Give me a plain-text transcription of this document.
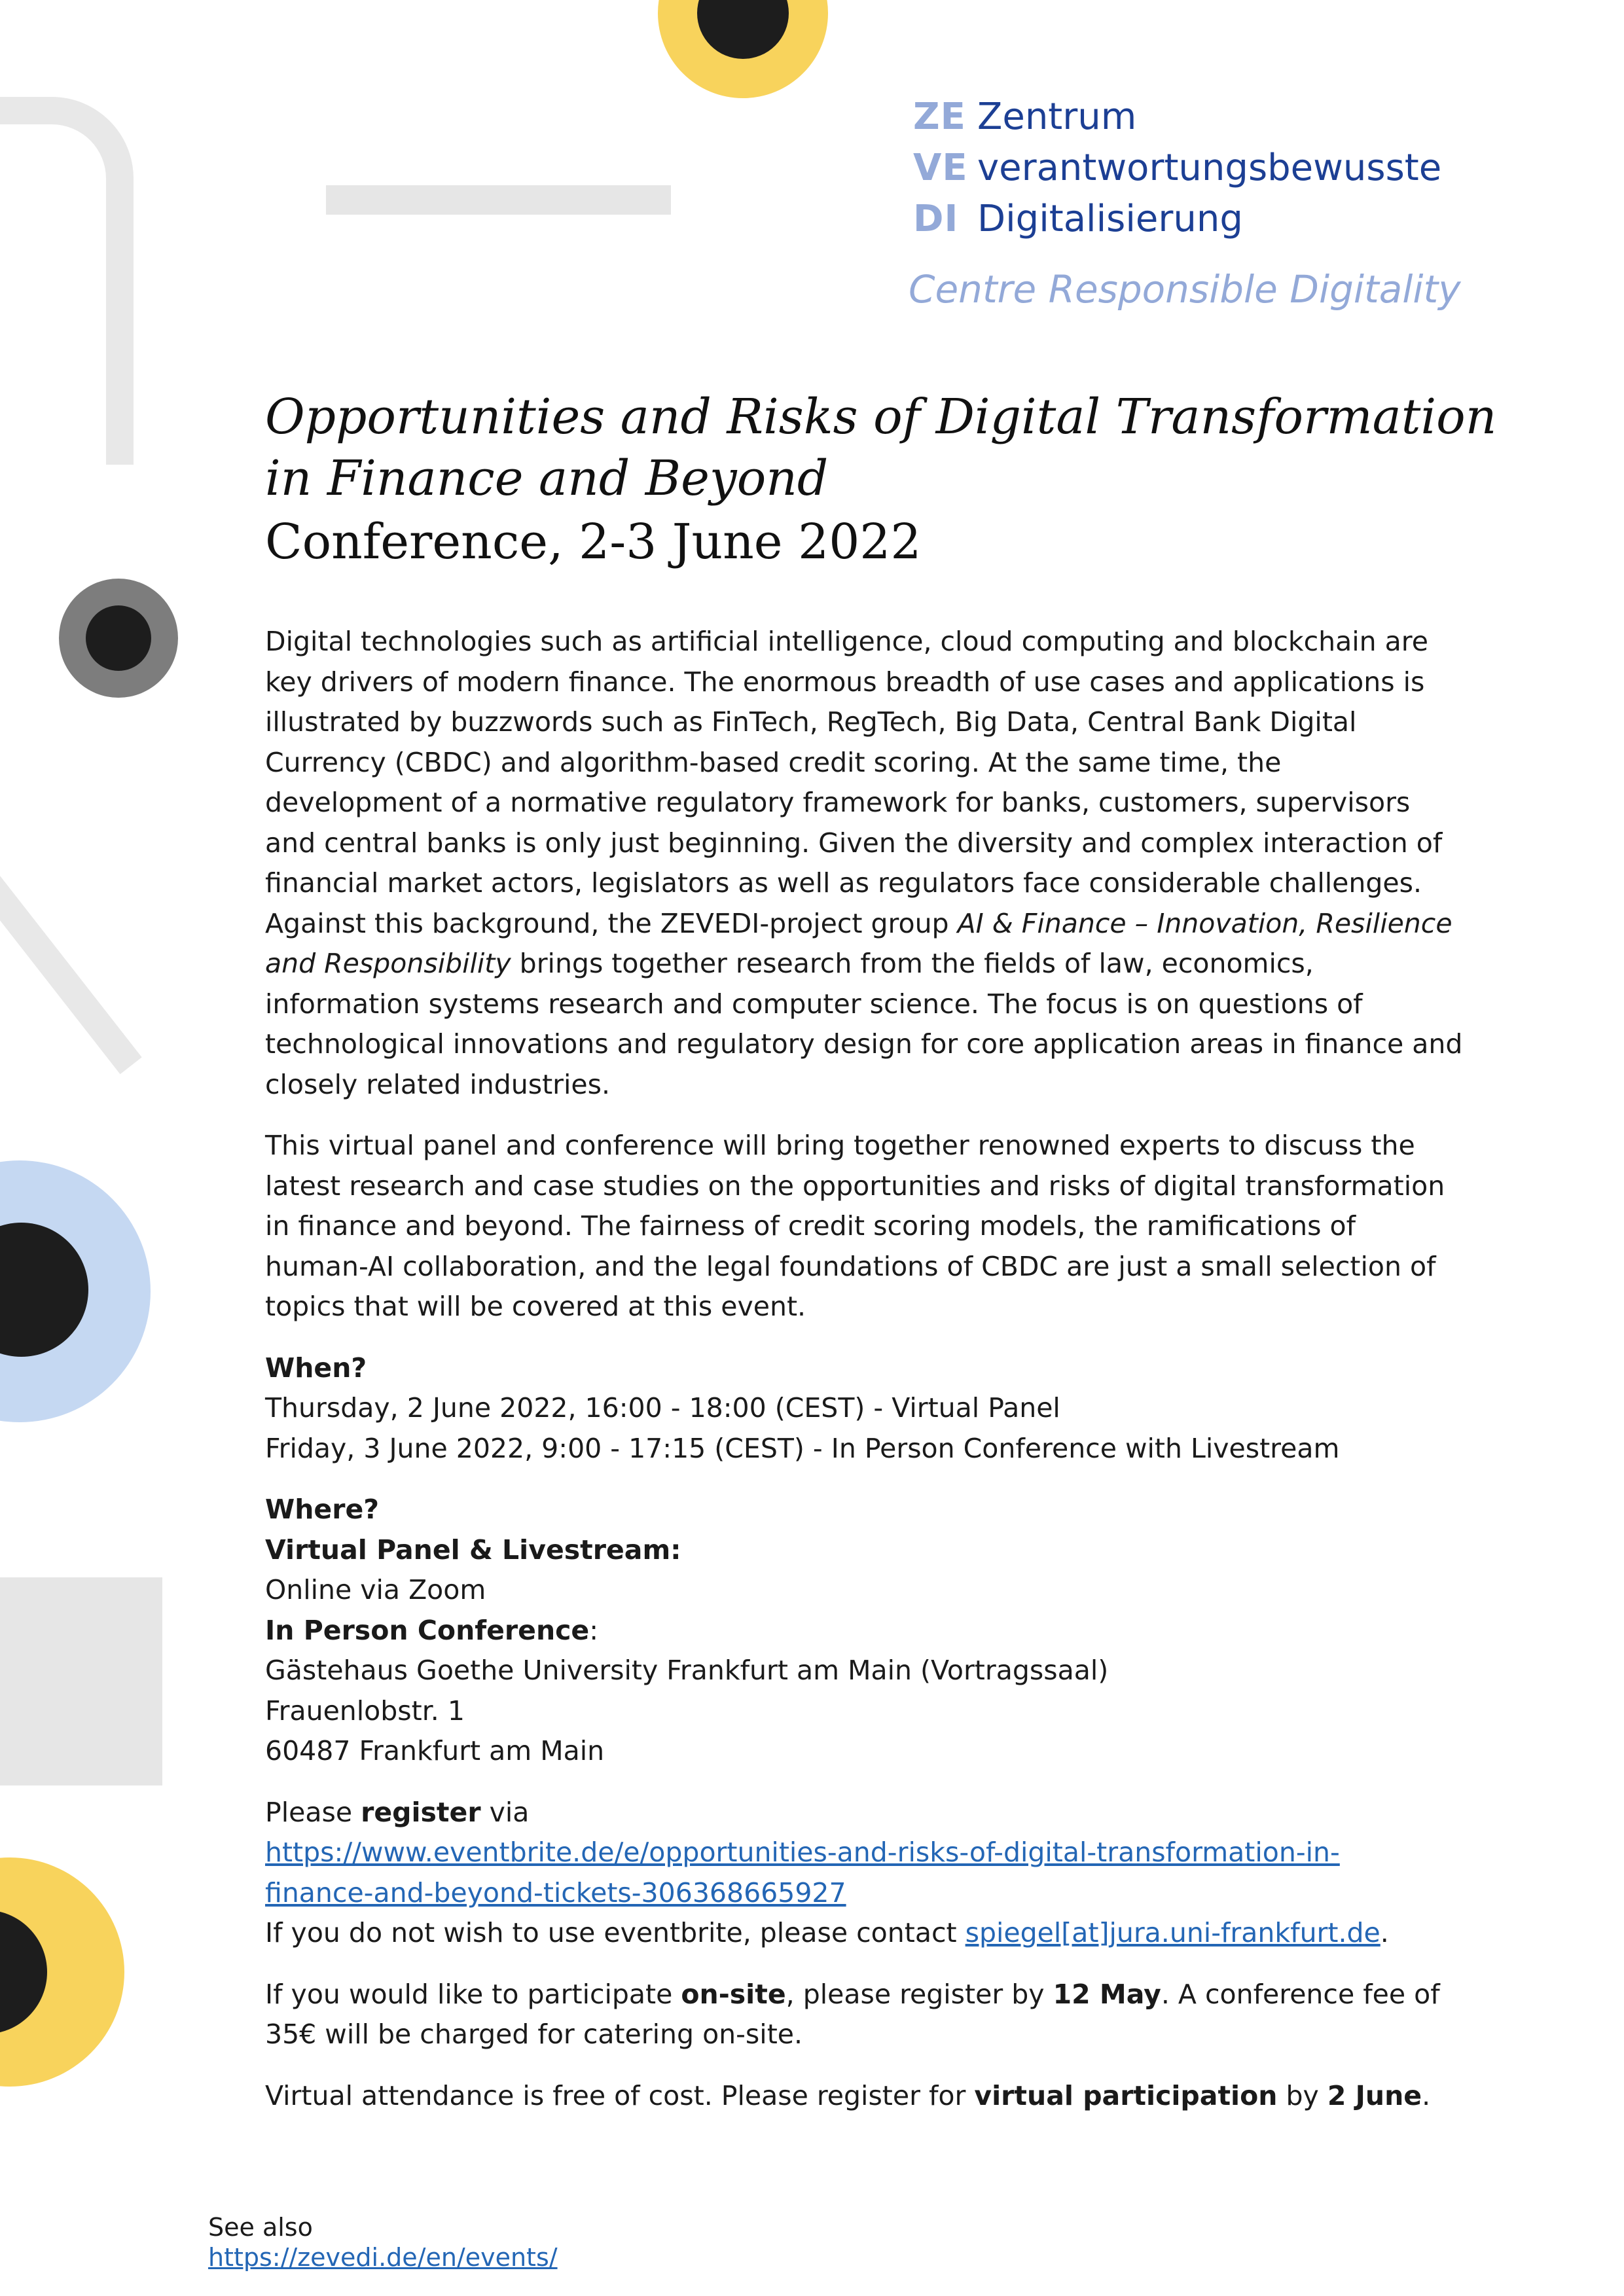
ZE Zentrum
VE verantwortungsbewusste
DI Digitalisierung
Centre Responsible Digitality
Opportunities and Risks of Digital Transformation
in Finance and Beyond
Conference, 2-3 June 2022

Digital technologies such as artificial intelligence, cloud computing and blockchain are key drivers of modern finance. The enormous breadth of use cases and applications is illustrated by buzzwords such as FinTech, RegTech, Big Data, Central Bank Digital Currency (CBDC) and algorithm-based credit scoring. At the same time, the development of a normative regulatory framework for banks, customers, supervisors and central banks is only just beginning. Given the diversity and complex interaction of financial market actors, legislators as well as regulators face considerable challenges. Against this background, the ZEVEDI-project group AI & Finance – Innovation, Resilience and Responsibility brings together research from the fields of law, economics, information systems research and computer science. The focus is on questions of technological innovations and regulatory design for core application areas in finance and closely related industries.

This virtual panel and conference will bring together renowned experts to discuss the latest research and case studies on the opportunities and risks of digital transformation in finance and beyond. The fairness of credit scoring models, the ramifications of human-AI collaboration, and the legal foundations of CBDC are just a small selection of topics that will be covered at this event.

When?
Thursday, 2 June 2022, 16:00 - 18:00 (CEST) - Virtual Panel
Friday, 3 June 2022, 9:00 - 17:15 (CEST) - In Person Conference with Livestream
Where?
Virtual Panel & Livestream:
Online via Zoom
In Person Conference:
Gästehaus Goethe University Frankfurt am Main (Vortragssaal)
Frauenlobstr. 1
60487 Frankfurt am Main
Please register via
https://www.eventbrite.de/e/opportunities-and-risks-of-digital-transformation-in-
finance-and-beyond-tickets-306368665927
If you do not wish to use eventbrite, please contact spiegel[at]jura.uni-frankfurt.de.

If you would like to participate on-site, please register by 12 May. A conference fee of 35€ will be charged for catering on-site.

Virtual attendance is free of cost. Please register for virtual participation by 2 June.

See also
https://zevedi.de/en/events/
